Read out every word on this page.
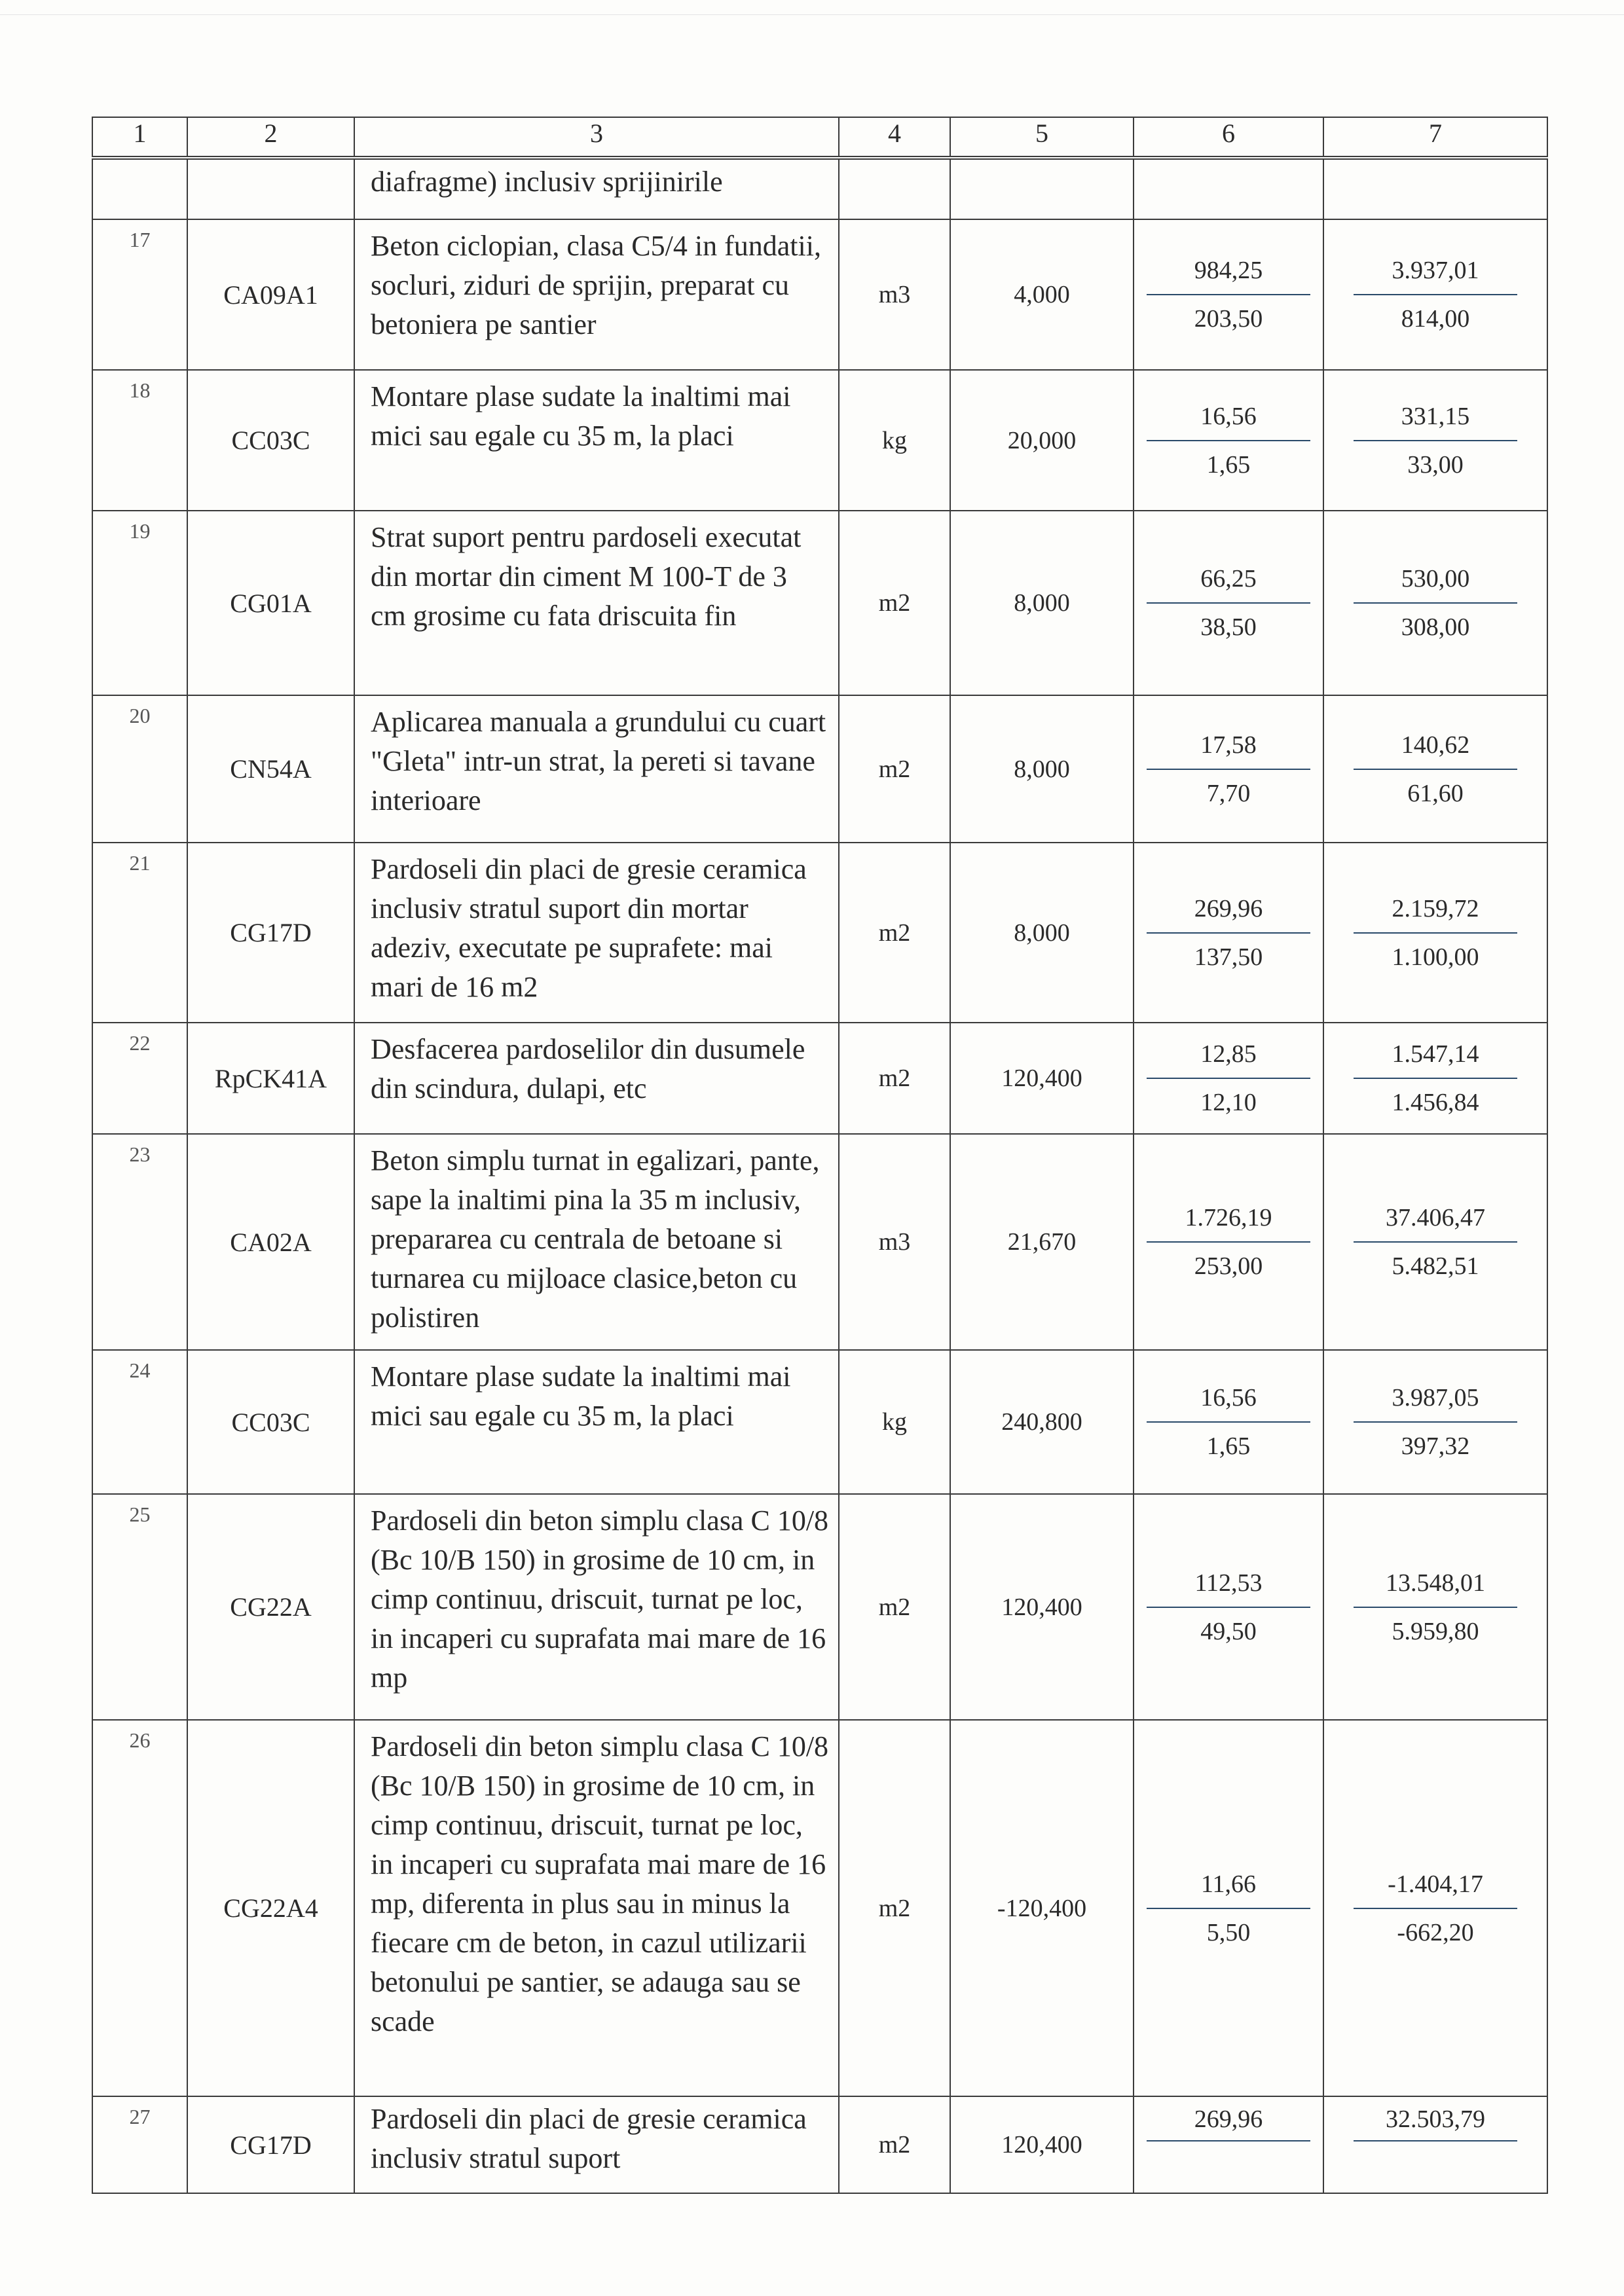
1	2	3	4	5	6	7
		diafragme) inclusiv sprijinirile				
17	CA09A1	Beton ciclopian, clasa C5/4 in fundatii, socluri, ziduri de sprijin, preparat cu betoniera pe santier	m3	4,000	$\frac{984,25}{203,50}$	$\frac{3.937,01}{814,00}$

18	CC03C	Montare plase sudate la inaltimi mai mici sau egale cu 35 m, la placi	kg	20,000	$\frac{16,56}{1,65}$	$\frac{331,15}{33,00}$

19	CG01A	Strat suport pentru pardoseli executat din mortar din ciment M 100-T de 3 cm grosime cu fata driscuita fin	m2	8,000	$\frac{66,25}{38,50}$	$\frac{530,00}{308,00}$

20	CN54A	Aplicarea manuala a grundului cu cuart "Gleta" intr-un strat, la pereti si tavane interioare	m2	8,000	$\frac{17,58}{7,70}$	$\frac{140,62}{61,60}$

21	CG17D	Pardoseli din placi de gresie ceramica inclusiv stratul suport din mortar adeziv, executate pe suprafete: mai mari de 16 m2	m2	8,000	$\frac{269,96}{137,50}$	$\frac{2.159,72}{1.100,00}$

22	RpCK41A	Desfacerea pardoselilor din dusumele din scindura, dulapi, etc	m2	120,400	$\frac{12,85}{12,10}$	$\frac{1.547,14}{1.456,84}$

23	CA02A	Beton simplu turnat in egalizari, pante, sape la inaltimi pina la 35 m inclusiv, prepararea cu centrala de betoane si turnarea cu mijloace clasice,beton cu polistiren	m3	21,670	$\frac{1.726,19}{253,00}$	$\frac{37.406,47}{5.482,51}$

24	CC03C	Montare plase sudate la inaltimi mai mici sau egale cu 35 m, la placi	kg	240,800	$\frac{16,56}{1,65}$	$\frac{3.987,05}{397,32}$

25	CG22A	Pardoseli din beton simplu clasa C 10/8 (Bc 10/B 150) in grosime de 10 cm, in cimp continuu, driscuit, turnat pe loc, in incaperi cu suprafata mai mare de 16 mp	m2	120,400	$\frac{112,53}{49,50}$	$\frac{13.548,01}{5.959,80}$

26	CG22A4	Pardoseli din beton simplu clasa C 10/8 (Bc 10/B 150) in grosime de 10 cm, in cimp continuu, driscuit, turnat pe loc, in incaperi cu suprafata mai mare de 16 mp, diferenta in plus sau in minus la fiecare cm de beton, in cazul utilizarii betonului pe santier, se adauga sau se scade	m2	-120,400	$\frac{11,66}{5,50}$	$\frac{-1.404,17}{-662,20}$

27	CG17D	Pardoseli din placi de gresie ceramica inclusiv stratul suport	m2	120,400	269,96	32.503,79
